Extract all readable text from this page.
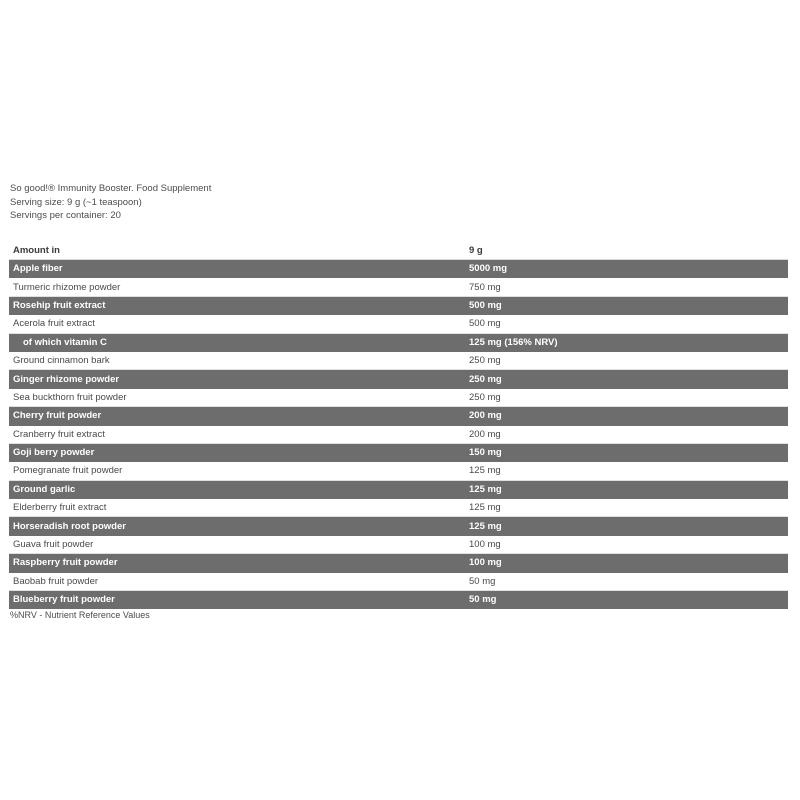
So good!® Immunity Booster. Food Supplement
Serving size: 9 g (~1 teaspoon)
Servings per container: 20
Amount in	9 g
Apple fiber	5000 mg
Turmeric rhizome powder	750 mg
Rosehip fruit extract	500 mg
Acerola fruit extract	500 mg
of which vitamin C	125 mg (156% NRV)
Ground cinnamon bark	250 mg
Ginger rhizome powder	250 mg
Sea buckthorn fruit powder	250 mg
Cherry fruit powder	200 mg
Cranberry fruit extract	200 mg
Goji berry powder	150 mg
Pomegranate fruit powder	125 mg
Ground garlic	125 mg
Elderberry fruit extract	125 mg
Horseradish root powder	125 mg
Guava fruit powder	100 mg
Raspberry fruit powder	100 mg
Baobab fruit powder	50 mg
Blueberry fruit powder	50 mg
%NRV - Nutrient Reference Values
